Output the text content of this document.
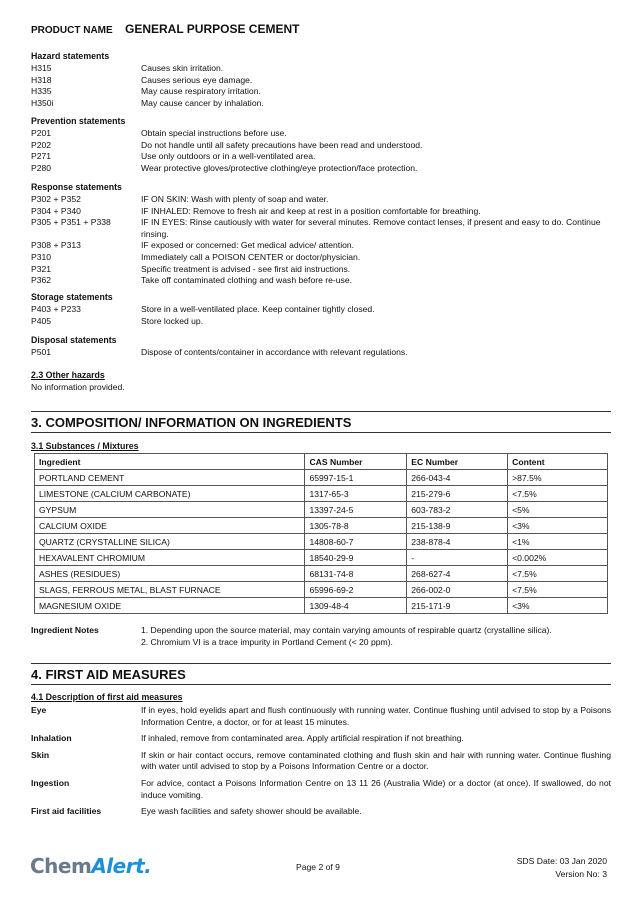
PRODUCT NAME	GENERAL PURPOSE CEMENT
Hazard statements
H315	Causes skin irritation.
H318	Causes serious eye damage.
H335	May cause respiratory irritation.
H350i	May cause cancer by inhalation.
Prevention statements
P201	Obtain special instructions before use.
P202	Do not handle until all safety precautions have been read and understood.
P271	Use only outdoors or in a well-ventilated area.
P280	Wear protective gloves/protective clothing/eye protection/face protection.
Response statements
P302 + P352	IF ON SKIN: Wash with plenty of soap and water.
P304 + P340	IF INHALED: Remove to fresh air and keep at rest in a position comfortable for breathing.
P305 + P351 + P338	IF IN EYES: Rinse cautiously with water for several minutes. Remove contact lenses, if present and easy to do. Continue rinsing.
P308 + P313	IF exposed or concerned: Get medical advice/ attention.
P310	Immediately call a POISON CENTER or doctor/physician.
P321	Specific treatment is advised - see first aid instructions.
P362	Take off contaminated clothing and wash before re-use.
Storage statements
P403 + P233	Store in a well-ventilated place. Keep container tightly closed.
P405	Store locked up.
Disposal statements
P501	Dispose of contents/container in accordance with relevant regulations.
2.3 Other hazards
No information provided.
3. COMPOSITION/ INFORMATION ON INGREDIENTS
3.1 Substances / Mixtures
Ingredient	CAS Number	EC Number	Content
PORTLAND CEMENT	65997-15-1	266-043-4	>87.5%
LIMESTONE (CALCIUM CARBONATE)	1317-65-3	215-279-6	<7.5%
GYPSUM	13397-24-5	603-783-2	<5%
CALCIUM OXIDE	1305-78-8	215-138-9	<3%
QUARTZ (CRYSTALLINE SILICA)	14808-60-7	238-878-4	<1%
HEXAVALENT CHROMIUM	18540-29-9	-	<0.002%
ASHES (RESIDUES)	68131-74-8	268-627-4	<7.5%
SLAGS, FERROUS METAL, BLAST FURNACE	65996-69-2	266-002-0	<7.5%
MAGNESIUM OXIDE	1309-48-4	215-171-9	<3%
Ingredient Notes	1. Depending upon the source material, may contain varying amounts of respirable quartz (crystalline silica).
2. Chromium VI is a trace impurity in Portland Cement (< 20 ppm).
4. FIRST AID MEASURES
4.1 Description of first aid measures
Eye	If in eyes, hold eyelids apart and flush continuously with running water. Continue flushing until advised to stop by a Poisons Information Centre, a doctor, or for at least 15 minutes.
Inhalation	If inhaled, remove from contaminated area. Apply artificial respiration if not breathing.
Skin	If skin or hair contact occurs, remove contaminated clothing and flush skin and hair with running water. Continue flushing with water until advised to stop by a Poisons Information Centre or a doctor.
Ingestion	For advice, contact a Poisons Information Centre on 13 11 26 (Australia Wide) or a doctor (at once). If swallowed, do not induce vomiting.
First aid facilities	Eye wash facilities and safety shower should be available.
Chem Alert.	Page 2 of 9
SDS Date: 03 Jan 2020
Version No: 3
